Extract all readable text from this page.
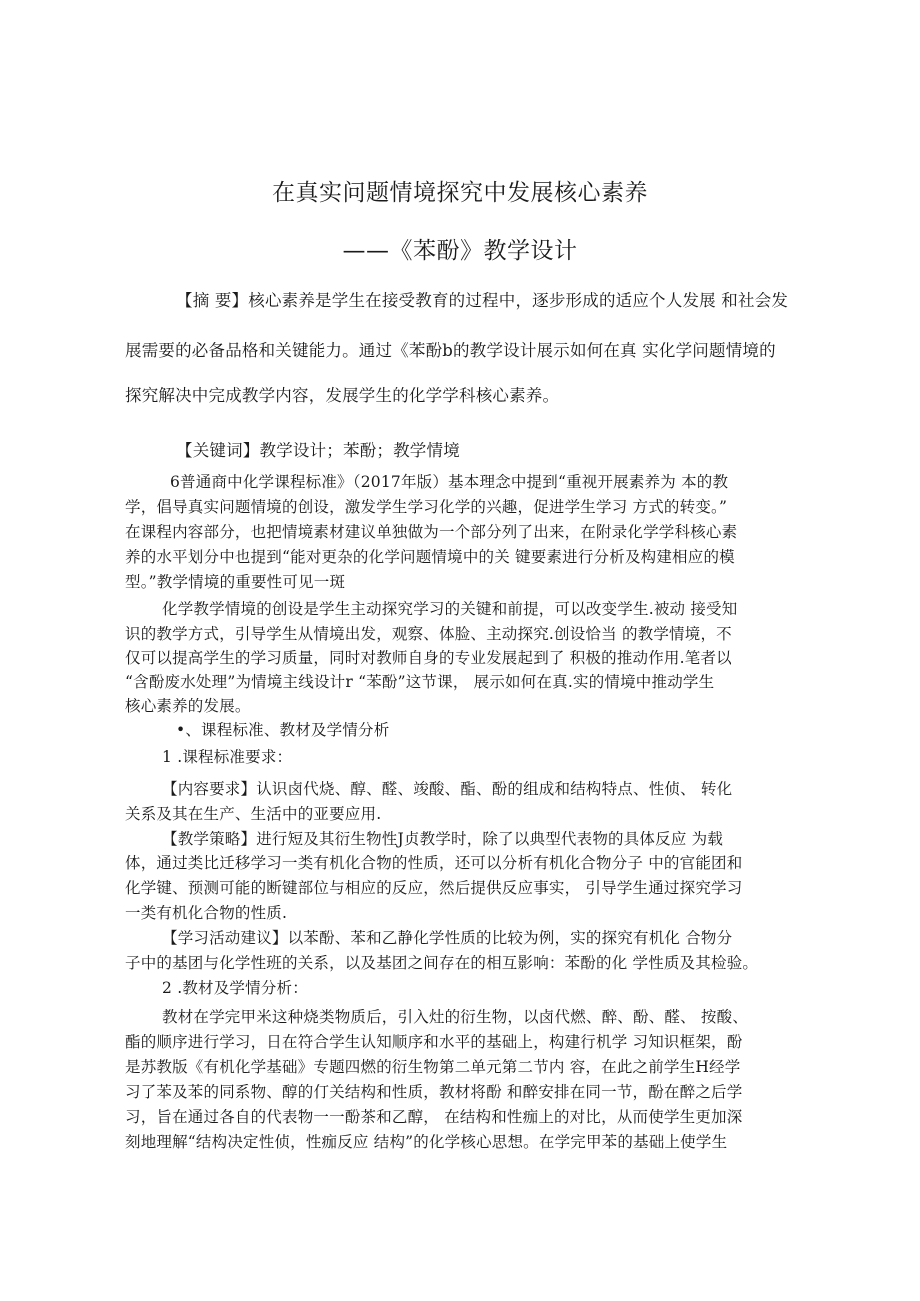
在真实问题情境探究中发展核心素养
——《苯酚》教学设计
【摘 要】核心素养是学生在接受教育的过程中，逐步形成的适应个人发展 和社会发
展需要的必备品格和关键能力。通过《苯酚b的教学设计展示如何在真 实化学问题情境的
探究解决中完成教学内容，发展学生的化学学科核心素养。
【关键词】教学设计；苯酚；教学情境
6普通商中化学课程标准》（2017年版）基本理念中提到“重视开展素养为 本的教
学，倡导真实问题情境的创设，激发学生学习化学的兴趣，促进学生学习 方式的转变。”
在课程内容部分，也把情境素材建议单独做为一个部分列了出来，在附录化学学科核心素
养的水平划分中也提到“能对更杂的化学问题情境中的关 键要素进行分析及构建相应的模
型。”教学情境的重要性可见一斑
化学教学情境的创设是学生主动探究学习的关键和前提，可以改变学生.被动 接受知
识的教学方式，引导学生从情境出发，观察、体脸、主动探究.创设恰当 的教学情境，不
仅可以提高学生的学习质量，同时对教师自身的专业发展起到了 积极的推动作用.笔者以
“含酚废水处理”为情境主线设计r “苯酚”这节课， 展示如何在真.实的情境中推动学生
核心素养的发展。
•、课程标准、教材及学情分析
1 .课程标准要求：
【内容要求】认识卤代烧、醇、醛、竣酸、酯、酚的组成和结构特点、性侦、 转化
关系及其在生产、生活中的亚要应用.
【教学策略】进行短及其衍生物性J贞教学时，除了以典型代表物的具体反应 为载
体，通过类比迁移学习一类有机化合物的性质，还可以分析有机化合物分子 中的官能团和
化学键、预测可能的断键部位与相应的反应，然后提供反应事实， 引导学生通过探究学习
一类有机化合物的性质.
【学习活动建议】以苯酚、苯和乙静化学性质的比较为例，实的探究有机化 合物分
子中的基团与化学性班的关系，以及基团之间存在的相互影响：苯酚的化 学性质及其检验。
2 .教材及学情分析：
教材在学完甲米这种烧类物质后，引入灶的衍生物，以卤代燃、醉、酚、醛、 按酸、
酯的顺序进行学习，日在符合学生认知顺序和水平的基础上，构建行机学 习知识框架，酚
是苏教版《有机化学基础》专题四燃的衍生物第二单元第二节内 容，在此之前学生H经学
习了苯及苯的同系物、醇的仃关结构和性质，教材将酚 和醉安排在同一节，酚在醉之后学
习，旨在通过各自的代表物一一酚茶和乙醇， 在结构和性痂上的对比，从而使学生更加深
刻地理解“结构决定性侦，性痂反应 结构”的化学核心思想。在学完甲苯的基础上使学生
